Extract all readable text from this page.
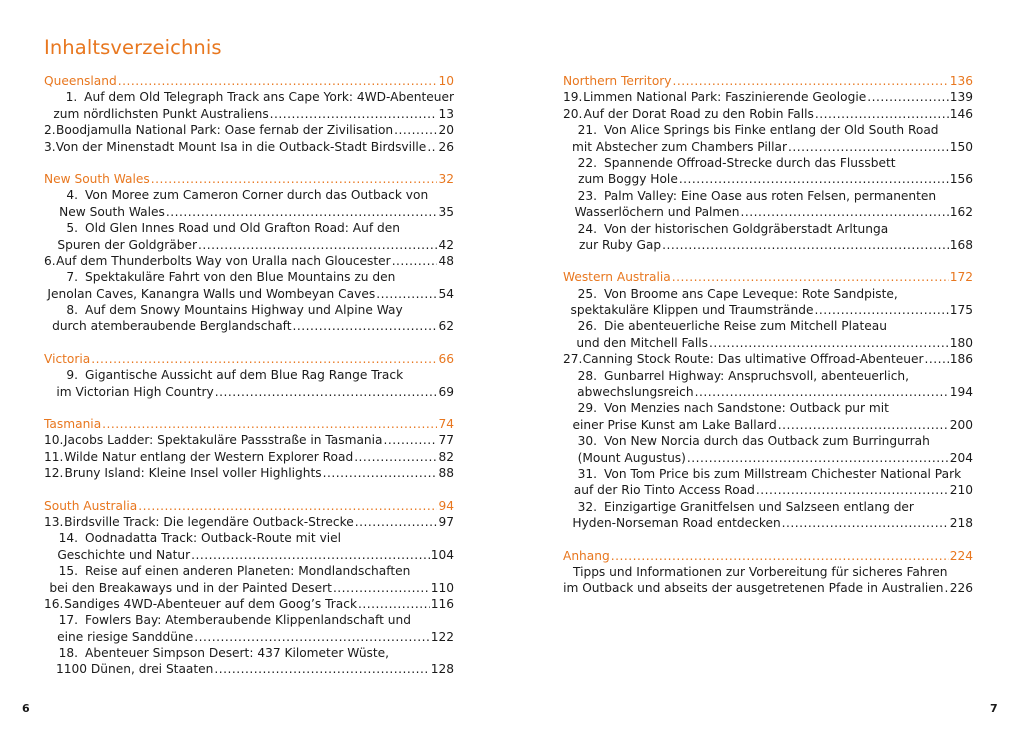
Inhaltsverzeichnis
Queensland .....	10
1. Auf dem Old Telegraph Track ans Cape York: 4WD-Abenteuer
zum nördlichsten Punkt Australiens .....	13
2. Boodjamulla National Park: Oase fernab der Zivilisation .....	20
3. Von der Minenstadt Mount Isa in die Outback-Stadt Birdsville ..... 26
New South Wales .....	32
4. Von Moree zum Cameron Corner durch das Outback von
New South Wales .....	35
5. Old Glen Innes Road und Old Grafton Road: Auf den
Spuren der Goldgräber .....	42
6. Auf dem Thunderbolts Way von Uralla nach Gloucester .....	48
7. Spektakuläre Fahrt von den Blue Mountains zu den
Jenolan Caves, Kanangra Walls und Wombeyan Caves .....	54
8. Auf dem Snowy Mountains Highway und Alpine Way
durch atemberaubende Berglandschaft .....	62
Victoria .....	66
9. Gigantische Aussicht auf dem Blue Rag Range Track
im Victorian High Country .....	69
Tasmania .....	74
10. Jacobs Ladder: Spektakuläre Passstraße in Tasmania .....	77
11. Wilde Natur entlang der Western Explorer Road .....	82
12. Bruny Island: Kleine Insel voller Highlights .....	88
South Australia .....	94
13. Birdsville Track: Die legendäre Outback-Strecke .....	97
14. Oodnadatta Track: Outback-Route mit viel
Geschichte und Natur .....	104
15. Reise auf einen anderen Planeten: Mondlandschaften
bei den Breakaways und in der Painted Desert .....	110
16. Sandiges 4WD-Abenteuer auf dem Goog’s Track .....	116
17. Fowlers Bay: Atemberaubende Klippenlandschaft und
eine riesige Sanddüne .....	122
18. Abenteuer Simpson Desert: 437 Kilometer Wüste,
1100 Dünen, drei Staaten .....	128
Northern Territory .....	136
19. Limmen National Park: Faszinierende Geologie .....	139
20. Auf der Dorat Road zu den Robin Falls .....	146
21. Von Alice Springs bis Finke entlang der Old South Road
mit Abstecher zum Chambers Pillar .....	150
22. Spannende Offroad-Strecke durch das Flussbett
zum Boggy Hole .....	156
23. Palm Valley: Eine Oase aus roten Felsen, permanenten
Wasserlöchern und Palmen .....	162
24. Von der historischen Goldgräberstadt Arltunga
zur Ruby Gap .....	168
Western Australia .....	172
25. Von Broome ans Cape Leveque: Rote Sandpiste,
spektakuläre Klippen und Traumstrände .....	175
26. Die abenteuerliche Reise zum Mitchell Plateau
und den Mitchell Falls .....	180
27. Canning Stock Route: Das ultimative Offroad-Abenteuer ..... 186
28. Gunbarrel Highway: Anspruchsvoll, abenteuerlich,
abwechslungsreich .....	194
29. Von Menzies nach Sandstone: Outback pur mit
einer Prise Kunst am Lake Ballard .....	200
30. Von New Norcia durch das Outback zum Burringurrah
(Mount Augustus) .....	204
31. Von Tom Price bis zum Millstream Chichester National Park
auf der Rio Tinto Access Road .....	210
32. Einzigartige Granitfelsen und Salzseen entlang der
Hyden-Norseman Road entdecken .....	218
Anhang .....	224
Tipps und Informationen zur Vorbereitung für sicheres Fahren
im Outback und abseits der ausgetretenen Pfade in Australien ..... 226
6	7
